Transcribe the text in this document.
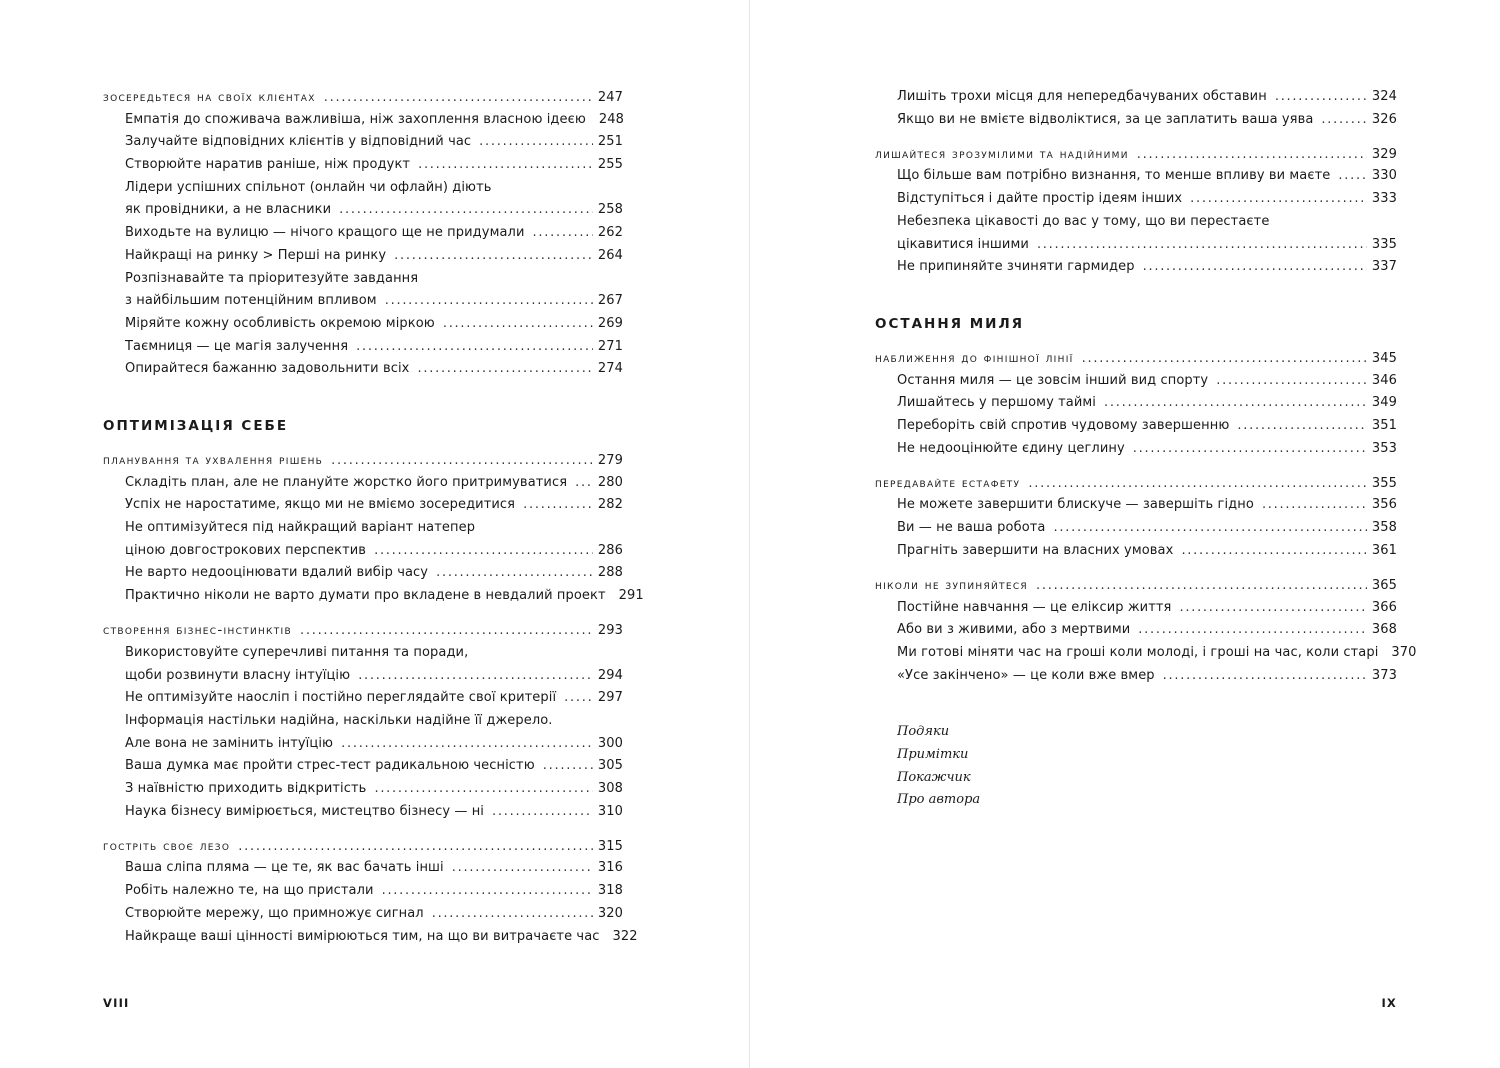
зосередьтеся на своїх клієнтах . . .	247
Емпатія до споживача важливіша, ніж захоплення власною ідеєю 248
Залучайте відповідних клієнтів у відповідний час . . .	251
Створюйте наратив раніше, ніж продукт . . .	255
Лідери успішних спільнот (онлайн чи офлайн) діють
як провідники, а не власники . . .	258
Виходьте на вулицю — нічого кращого ще не придумали . . .	262
Найкращі на ринку > Перші на ринку . . .	264
Розпізнавайте та пріоритезуйте завдання
з найбільшим потенційним впливом . . .	267
Міряйте кожну особливість окремою міркою . . .	269
Таємниця — це магія залучення . . .	271
Опирайтеся бажанню задовольнити всіх . . .	274
ОПТИМІЗАЦІЯ СЕБЕ
планування та ухвалення рішень . . .	279
Складіть план, але не плануйте жорстко його притримуватися . . . 280
Успіх не наростатиме, якщо ми не вміємо зосередитися . . .	282
Не оптимізуйтеся під найкращий варіант натепер
ціною довгострокових перспектив . . .	286
Не варто недооцінювати вдалий вибір часу . . .	288
Практично ніколи не варто думати про вкладене в невдалий проект 291
створення бізнес-інстинктів . . .	293
Використовуйте суперечливі питання та поради,
щоби розвинути власну інтуїцію . . .	294
Не оптимізуйте наосліп і постійно переглядайте свої критерії . . .	297
Інформація настільки надійна, наскільки надійне її джерело.
Але вона не замінить інтуїцію . . .	300
Ваша думка має пройти стрес-тест радикальною чесністю . . .	305
З наївністю приходить відкритість . . .	308
Наука бізнесу вимірюється, мистецтво бізнесу — ні . . .	310
гостріть своє лезо . . .	315
Ваша сліпа пляма — це те, як вас бачать інші . . .	316
Робіть належно те, на що пристали . . .	318
Створюйте мережу, що примножує сигнал . . .	320
Найкраще ваші цінності вимірюються тим, на що ви витрачаєте час 322
VIII
Лишіть трохи місця для непередбачуваних обставин . . .	324
Якщо ви не вмієте відволіктися, за це заплатить ваша уява . . .	326
лишайтеся зрозумілими та надійними . . .	329
Що більше вам потрібно визнання, то менше впливу ви маєте . . .	330
Відступіться і дайте простір ідеям інших . . .	333
Небезпека цікавості до вас у тому, що ви перестаєте
цікавитися іншими . . .	335
Не припиняйте зчиняти гармидер . . .	337
ОСТАННЯ МИЛЯ
наближення до фінішної лінії . . .	345
Остання миля — це зовсім інший вид спорту . . .	346
Лишайтесь у першому таймі . . .	349
Переборіть свій спротив чудовому завершенню . . .	351
Не недооцінюйте єдину цеглину . . .	353
передавайте естафету . . .	355
Не можете завершити блискуче — завершіть гідно . . .	356
Ви — не ваша робота . . .	358
Прагніть завершити на власних умовах . . .	361
ніколи не зупиняйтеся . . .	365
Постійне навчання — це еліксир життя . . .	366
Або ви з живими, або з мертвими . . .	368
Ми готові міняти час на гроші коли молоді, і гроші на час, коли старі 370
«Усе закінчено» — це коли вже вмер . . .	373
Подяки
Примітки
Покажчик
Про автора
IX
